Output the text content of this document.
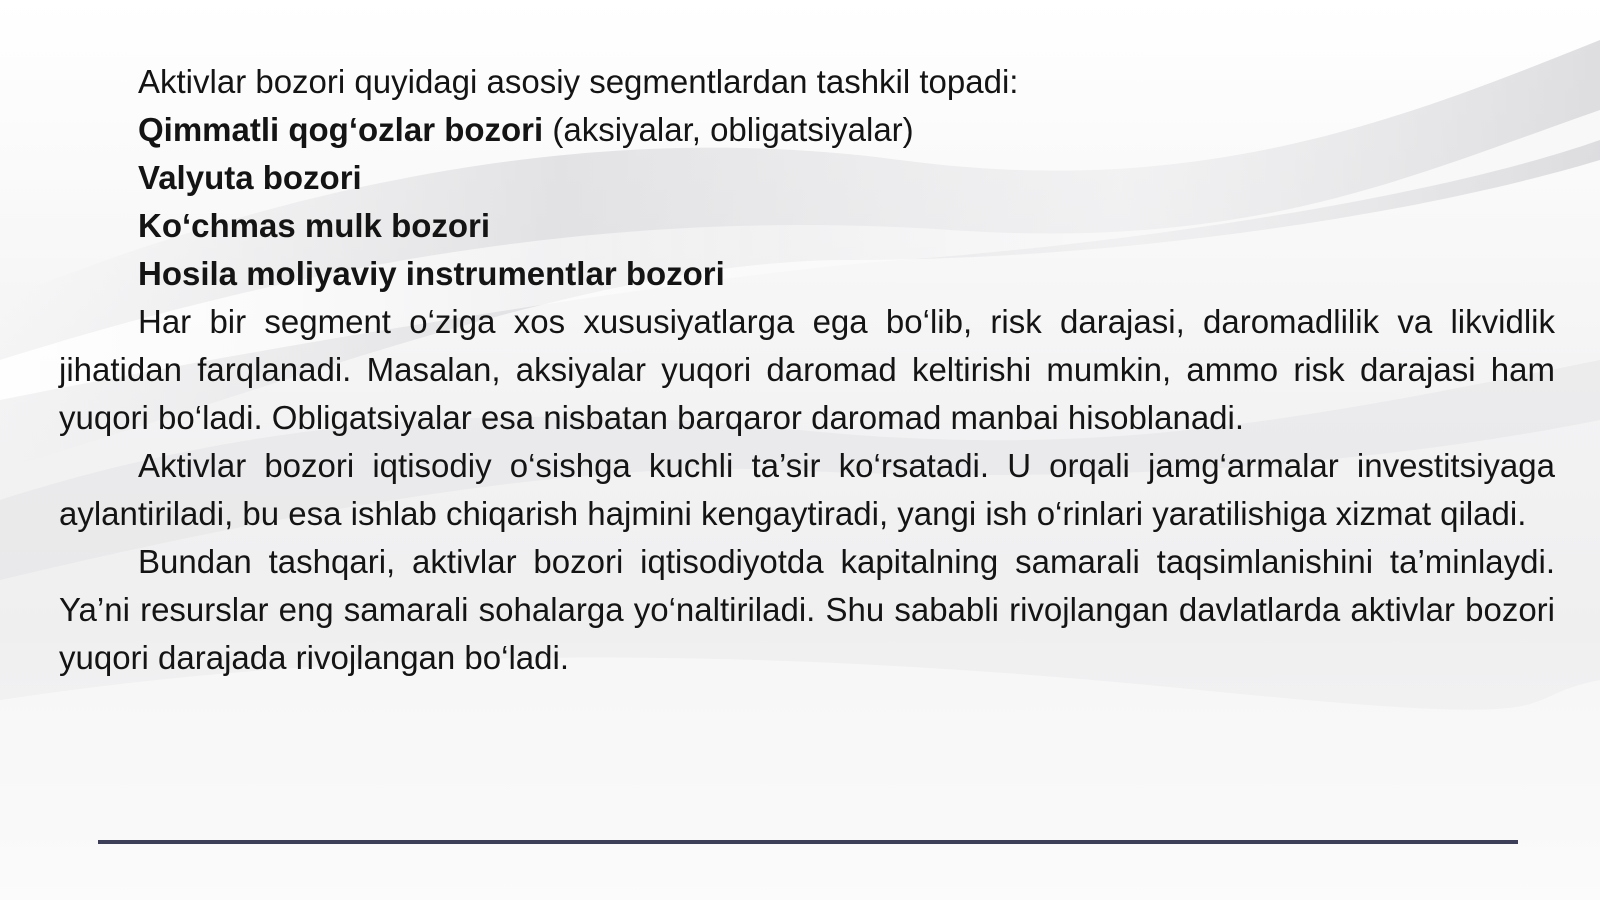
Aktivlar bozori quyidagi asosiy segmentlardan tashkil topadi:

Qimmatli qog‘ozlar bozori (aksiyalar, obligatsiyalar)

Valyuta bozori

Ko‘chmas mulk bozori

Hosila moliyaviy instrumentlar bozori

Har bir segment o‘ziga xos xususiyatlarga ega bo‘lib, risk darajasi, daromadlilik va likvidlik jihatidan farqlanadi. Masalan, aksiyalar yuqori daromad keltirishi mumkin, ammo risk darajasi ham yuqori bo‘ladi. Obligatsiyalar esa nisbatan barqaror daromad manbai hisoblanadi.

Aktivlar bozori iqtisodiy o‘sishga kuchli ta’sir ko‘rsatadi. U orqali jamg‘armalar investitsiyaga aylantiriladi, bu esa ishlab chiqarish hajmini kengaytiradi, yangi ish o‘rinlari yaratilishiga xizmat qiladi.

Bundan tashqari, aktivlar bozori iqtisodiyotda kapitalning samarali taqsimlanishini ta’minlaydi. Ya’ni resurslar eng samarali sohalarga yo‘naltiriladi. Shu sababli rivojlangan davlatlarda aktivlar bozori yuqori darajada rivojlangan bo‘ladi.
